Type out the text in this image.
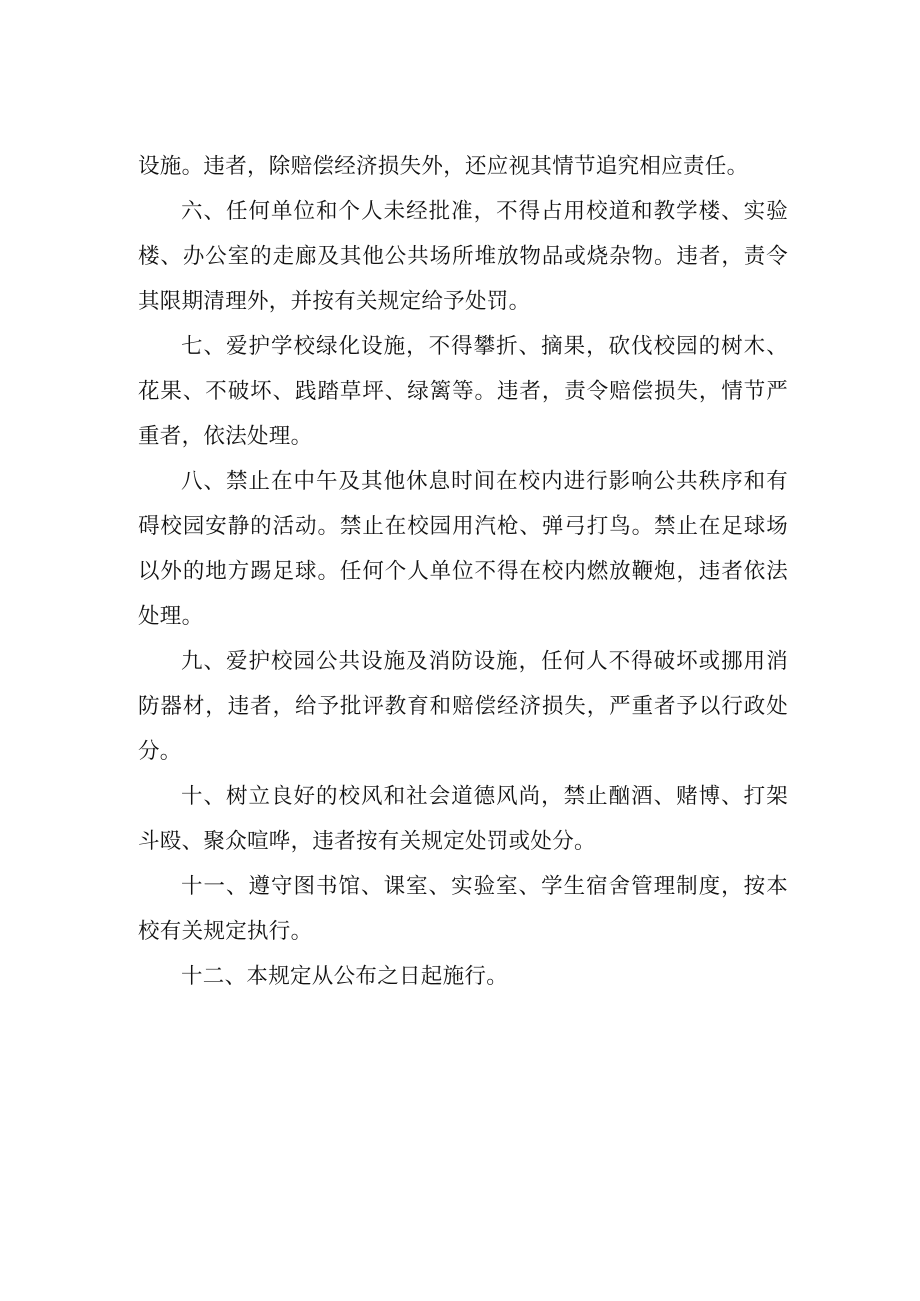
设施。违者，除赔偿经济损失外，还应视其情节追究相应责任。

六、任何单位和个人未经批准，不得占用校道和教学楼、实验楼、办公室的走廊及其他公共场所堆放物品或烧杂物。违者，责令其限期清理外，并按有关规定给予处罚。

七、爱护学校绿化设施，不得攀折、摘果，砍伐校园的树木、花果、不破坏、践踏草坪、绿篱等。违者，责令赔偿损失，情节严重者，依法处理。

八、禁止在中午及其他休息时间在校内进行影响公共秩序和有碍校园安静的活动。禁止在校园用汽枪、弹弓打鸟。禁止在足球场以外的地方踢足球。任何个人单位不得在校内燃放鞭炮，违者依法处理。

九、爱护校园公共设施及消防设施，任何人不得破坏或挪用消防器材，违者，给予批评教育和赔偿经济损失，严重者予以行政处分。

十、树立良好的校风和社会道德风尚，禁止酗酒、赌博、打架斗殴、聚众喧哗，违者按有关规定处罚或处分。

十一、遵守图书馆、课室、实验室、学生宿舍管理制度，按本校有关规定执行。

十二、本规定从公布之日起施行。
